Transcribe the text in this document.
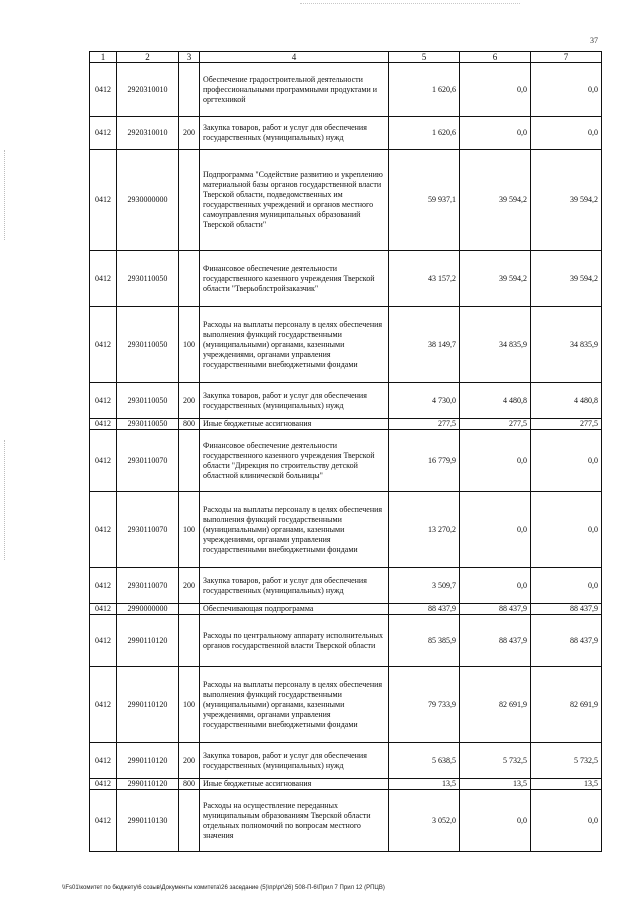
37
1	2	3	4	5	6	7
0412	2920310010		Обеспечение градостроительной деятельности профессиональными программными продуктами и оргтехникой	1 620,6	0,0	0,0
0412	2920310010	200	Закупка товаров, работ и услуг для обеспечения государственных (муниципальных) нужд	1 620,6	0,0	0,0
0412	2930000000		Подпрограмма "Содействие развитию и укреплению материальной базы органов государственной власти Тверской области, подведомственных им государственных учреждений и органов местного самоуправления муниципальных образований Тверской области"	59 937,1	39 594,2	39 594,2
0412	2930110050		Финансовое обеспечение деятельности государственного казенного учреждения Тверской области "Тверьоблстройзаказчик"	43 157,2	39 594,2	39 594,2
0412	2930110050	100	Расходы на выплаты персоналу в целях обеспечения выполнения функций государственными (муниципальными) органами, казенными учреждениями, органами управления государственными внебюджетными фондами	38 149,7	34 835,9	34 835,9
0412	2930110050	200	Закупка товаров, работ и услуг для обеспечения государственных (муниципальных) нужд	4 730,0	4 480,8	4 480,8
0412	2930110050	800	Иные бюджетные ассигнования	277,5	277,5	277,5
0412	2930110070		Финансовое обеспечение деятельности государственного казенного учреждения Тверской области "Дирекция по строительству детской областной клинической больницы"	16 779,9	0,0	0,0
0412	2930110070	100	Расходы на выплаты персоналу в целях обеспечения выполнения функций государственными (муниципальными) органами, казенными учреждениями, органами управления государственными внебюджетными фондами	13 270,2	0,0	0,0
0412	2930110070	200	Закупка товаров, работ и услуг для обеспечения государственных (муниципальных) нужд	3 509,7	0,0	0,0
0412	2990000000		Обеспечивающая подпрограмма	88 437,9	88 437,9	88 437,9
0412	2990110120		Расходы по центральному аппарату исполнительных органов государственной власти Тверской области	85 385,9	88 437,9	88 437,9
0412	2990110120	100	Расходы на выплаты персоналу в целях обеспечения выполнения функций государственными (муниципальными) органами, казенными учреждениями, органами управления государственными внебюджетными фондами	79 733,9	82 691,9	82 691,9
0412	2990110120	200	Закупка товаров, работ и услуг для обеспечения государственных (муниципальных) нужд	5 638,5	5 732,5	5 732,5
0412	2990110120	800	Иные бюджетные ассигнования	13,5	13,5	13,5
0412	2990110130		Расходы на осуществление переданных муниципальным образованиям Тверской области отдельных полномочий по вопросам местного значения	3 052,0	0,0	0,0
\\Fs01\комитет по бюджету\6 созыв\Документы комитета\26 заседание (5)\пр\рг\26) 508-П-6\Прил 7 Прил 12 (РПЦВ)
